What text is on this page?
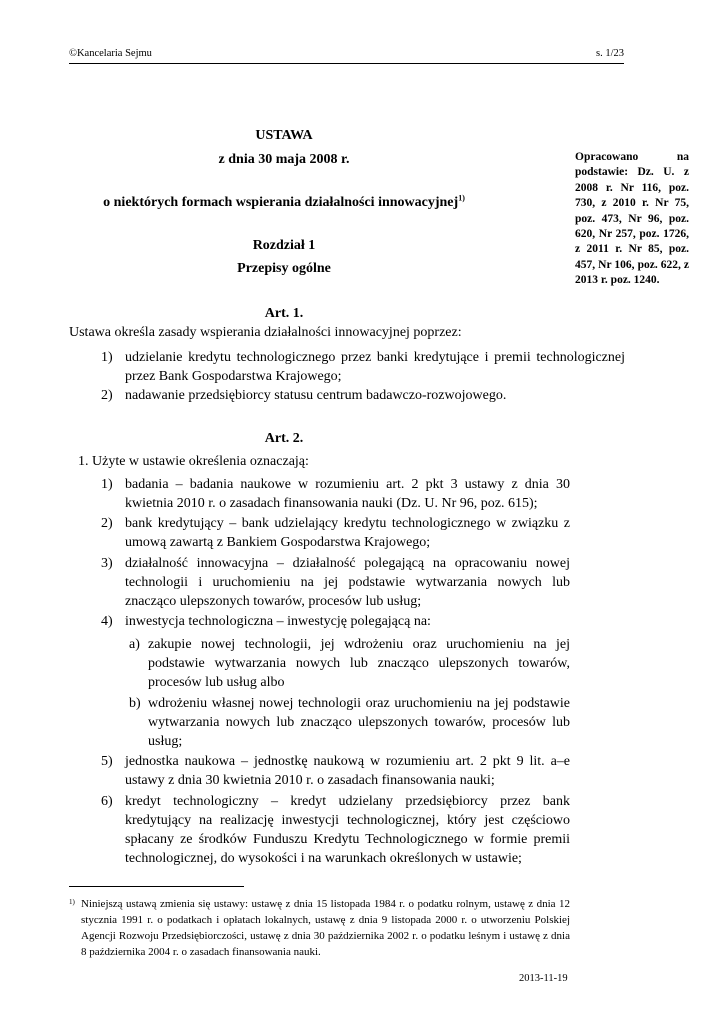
©Kancelaria Sejmu	s. 1/23
USTAWA
z dnia 30 maja 2008 r.
o niektórych formach wspierania działalności innowacyjnej$^{1)}$
Opracowano na podstawie: Dz. U. z 2008 r. Nr 116, poz. 730, z 2010 r. Nr 75, poz. 473, Nr 96, poz. 620, Nr 257, poz. 1726, z 2011 r. Nr 85, poz. 457, Nr 106, poz. 622, z 2013 r. poz. 1240.
Rozdział 1
Przepisy ogólne
Art. 1.
Ustawa określa zasady wspierania działalności innowacyjnej poprzez:
1) udzielanie kredytu technologicznego przez banki kredytujące i premii technologicznej przez Bank Gospodarstwa Krajowego;
2) nadawanie przedsiębiorcy statusu centrum badawczo-rozwojowego.
Art. 2.
1. Użyte w ustawie określenia oznaczają:
1) badania – badania naukowe w rozumieniu art. 2 pkt 3 ustawy z dnia 30 kwietnia 2010 r. o zasadach finansowania nauki (Dz. U. Nr 96, poz. 615);
2) bank kredytujący – bank udzielający kredytu technologicznego w związku z umową zawartą z Bankiem Gospodarstwa Krajowego;
3) działalność innowacyjna – działalność polegającą na opracowaniu nowej technologii i uruchomieniu na jej podstawie wytwarzania nowych lub znacząco ulepszonych towarów, procesów lub usług;
4) inwestycja technologiczna – inwestycję polegającą na:
a) zakupie nowej technologii, jej wdrożeniu oraz uruchomieniu na jej podstawie wytwarzania nowych lub znacząco ulepszonych towarów, procesów lub usług albo
b) wdrożeniu własnej nowej technologii oraz uruchomieniu na jej podstawie wytwarzania nowych lub znacząco ulepszonych towarów, procesów lub usług;
5) jednostka naukowa – jednostkę naukową w rozumieniu art. 2 pkt 9 lit. a–e ustawy z dnia 30 kwietnia 2010 r. o zasadach finansowania nauki;
6) kredyt technologiczny – kredyt udzielany przedsiębiorcy przez bank kredytujący na realizację inwestycji technologicznej, który jest częściowo spłacany ze środków Funduszu Kredytu Technologicznego w formie premii technologicznej, do wysokości i na warunkach określonych w ustawie;
1) Niniejszą ustawą zmienia się ustawy: ustawę z dnia 15 listopada 1984 r. o podatku rolnym, ustawę z dnia 12 stycznia 1991 r. o podatkach i opłatach lokalnych, ustawę z dnia 9 listopada 2000 r. o utworzeniu Polskiej Agencji Rozwoju Przedsiębiorczości, ustawę z dnia 30 października 2002 r. o podatku leśnym i ustawę z dnia 8 października 2004 r. o zasadach finansowania nauki.
2013-11-19
